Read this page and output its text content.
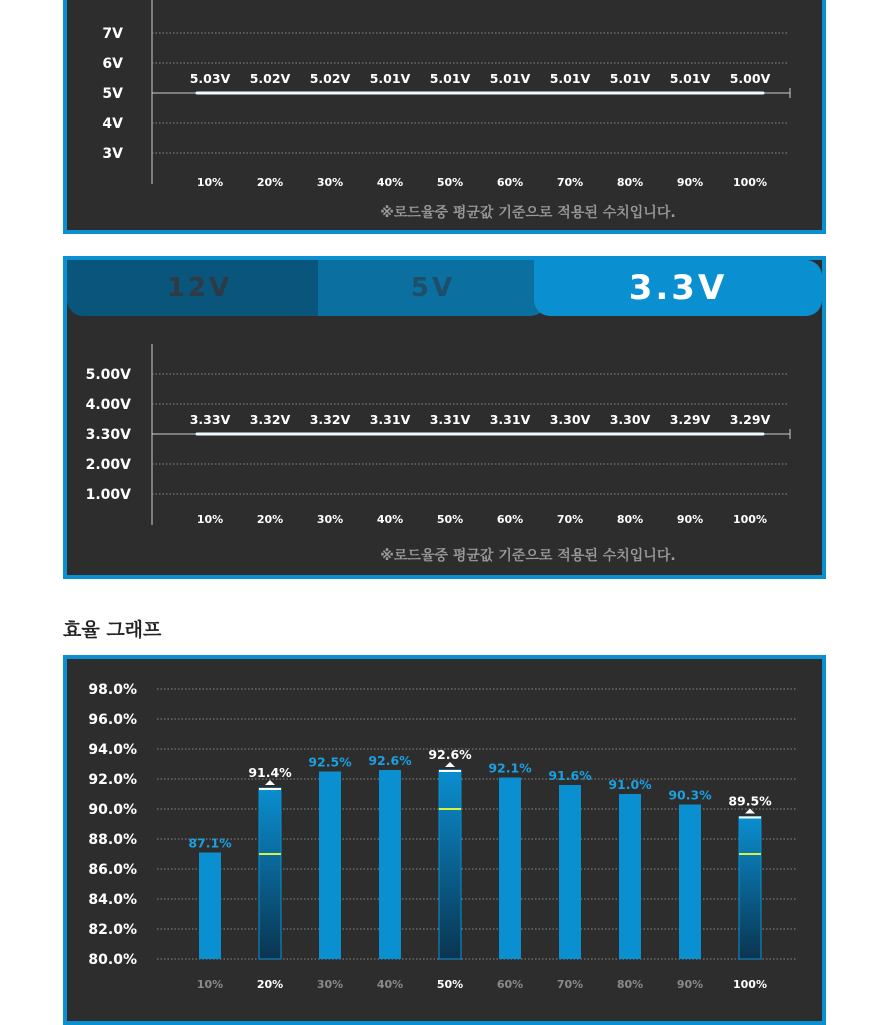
7V
6V
5V
4V
3V
5.03V 5.02V 5.02V 5.01V 5.01V 5.01V 5.01V 5.01V 5.01V 5.00V
10%	20%	30%	40%	50%	60%	70%	80%	90%	100%
※로드율중 평균값 기준으로 적용된 수치입니다.
12V	5V	3.3V
5.00V
4.00V
3.30V
2.00V
1.00V
3.33V 3.32V 3.32V 3.31V 3.31V 3.31V 3.30V 3.30V 3.29V 3.29V
10%	20%	30%	40%	50%	60%	70%	80%	90%	100%
※로드율중 평균값 기준으로 적용된 수치입니다.
효율 그래프
98.0%
96.0%
94.0%
92.0%
90.0%
88.0%
86.0%
84.0%
82.0%
80.0%
87.1%
10%
91.4%
20%
92.5%
30%
92.6%
40%
92.6%
50%
92.1%
60%
91.6%
70%
91.0%
80%
90.3%
90%
89.5%
100%
